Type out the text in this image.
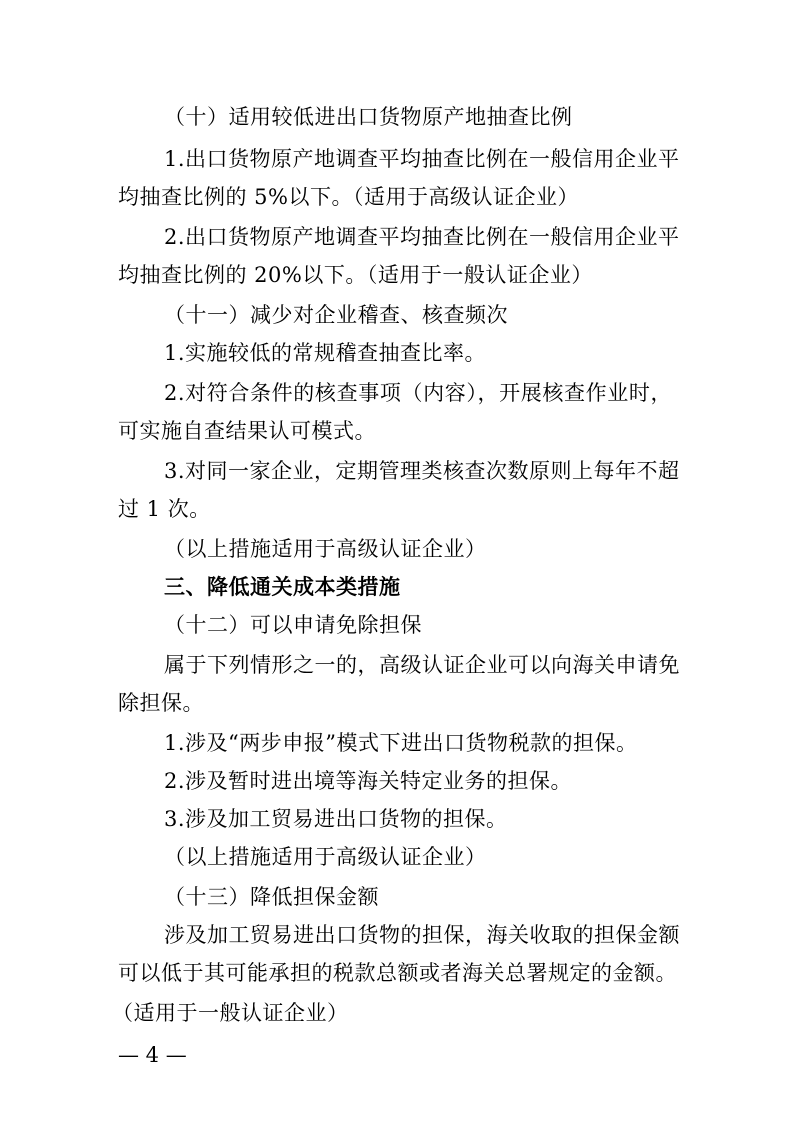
（十）适用较低进出口货物原产地抽查比例
1.出口货物原产地调查平均抽查比例在一般信用企业平
均抽查比例的 5%以下。（适用于高级认证企业）
2.出口货物原产地调查平均抽查比例在一般信用企业平
均抽查比例的 20%以下。（适用于一般认证企业）
（十一）减少对企业稽查、核查频次
1.实施较低的常规稽查抽查比率。
2.对符合条件的核查事项（内容），开展核查作业时，
可实施自查结果认可模式。
3.对同一家企业，定期管理类核查次数原则上每年不超
过 1 次。
（以上措施适用于高级认证企业）
三、降低通关成本类措施
（十二）可以申请免除担保
属于下列情形之一的，高级认证企业可以向海关申请免
除担保。
1.涉及“两步申报”模式下进出口货物税款的担保。
2.涉及暂时进出境等海关特定业务的担保。
3.涉及加工贸易进出口货物的担保。
（以上措施适用于高级认证企业）
（十三）降低担保金额
涉及加工贸易进出口货物的担保，海关收取的担保金额
可以低于其可能承担的税款总额或者海关总署规定的金额。
（适用于一般认证企业）
— 4 —
